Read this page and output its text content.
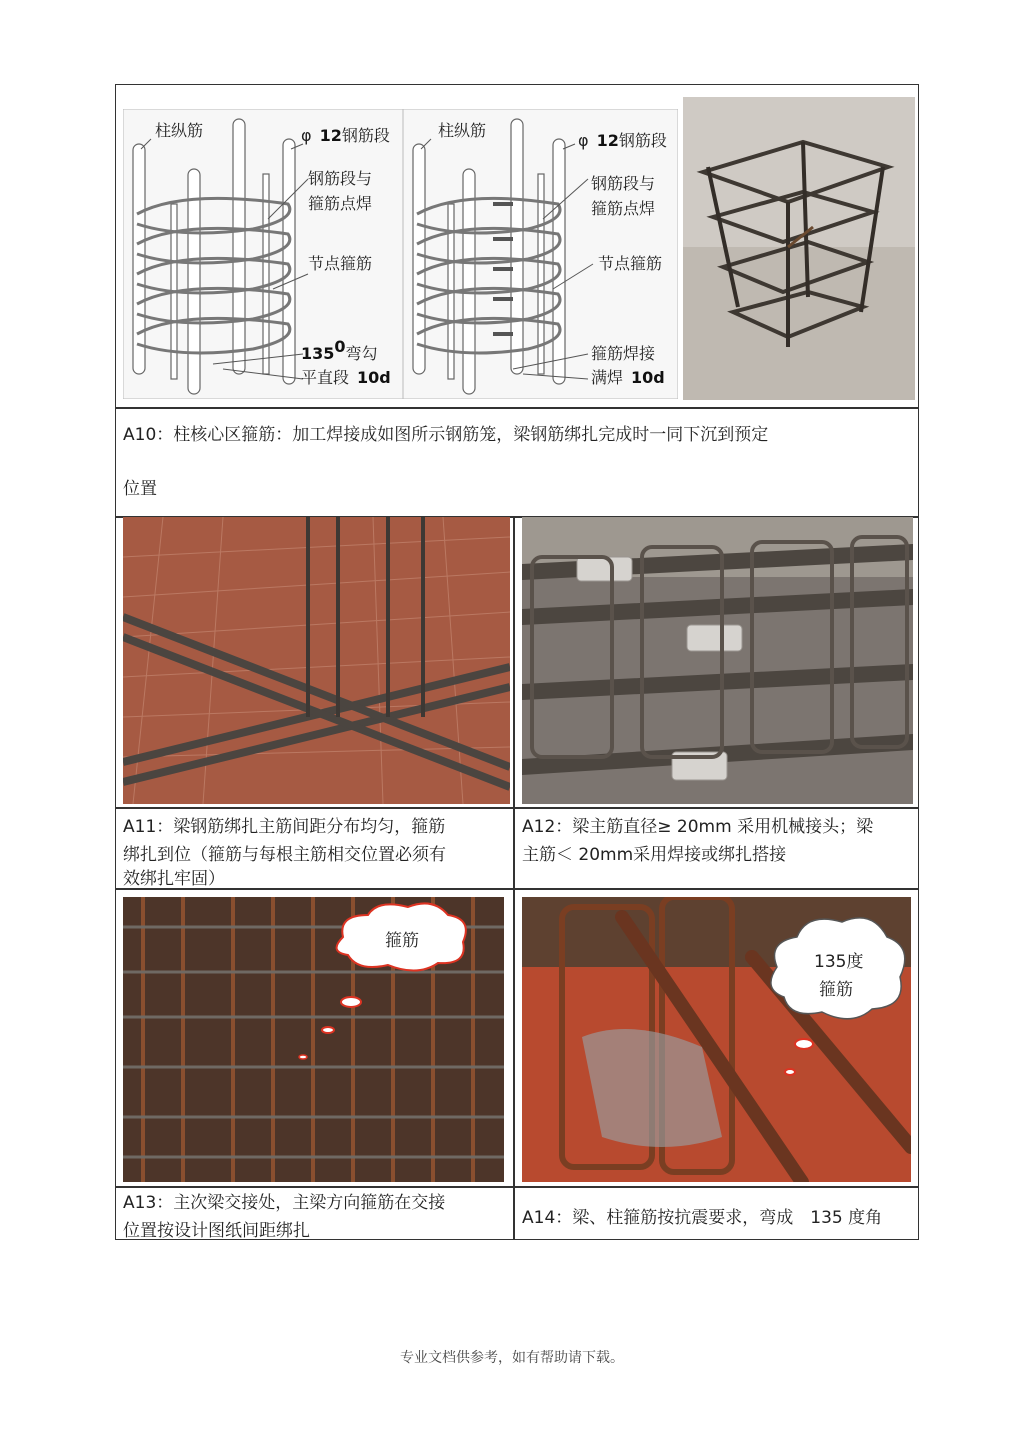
柱纵筋	φ 12钢筋段
钢筋段与
箍筋点焊
节点箍筋
1350弯勾
平直段 10d
柱纵筋
φ 12钢筋段
钢筋段与
箍筋点焊
节点箍筋
箍筋焊接
满焊 10d
A10：柱核心区箍筋：加工焊接成如图所示钢筋笼，梁钢筋绑扎完成时一同下沉到预定
位置
A11：梁钢筋绑扎主筋间距分布均匀，箍筋
绑扎到位（箍筋与每根主筋相交位置必须有
效绑扎牢固）
A12：梁主筋直径≥ 20mm 采用机械接头；梁
主筋＜ 20mm采用焊接或绑扎搭接
箍筋
135度
箍筋
A13：主次梁交接处，主梁方向箍筋在交接
位置按设计图纸间距绑扎
A14：梁、柱箍筋按抗震要求，弯成　135 度角
专业文档供参考，如有帮助请下载。
